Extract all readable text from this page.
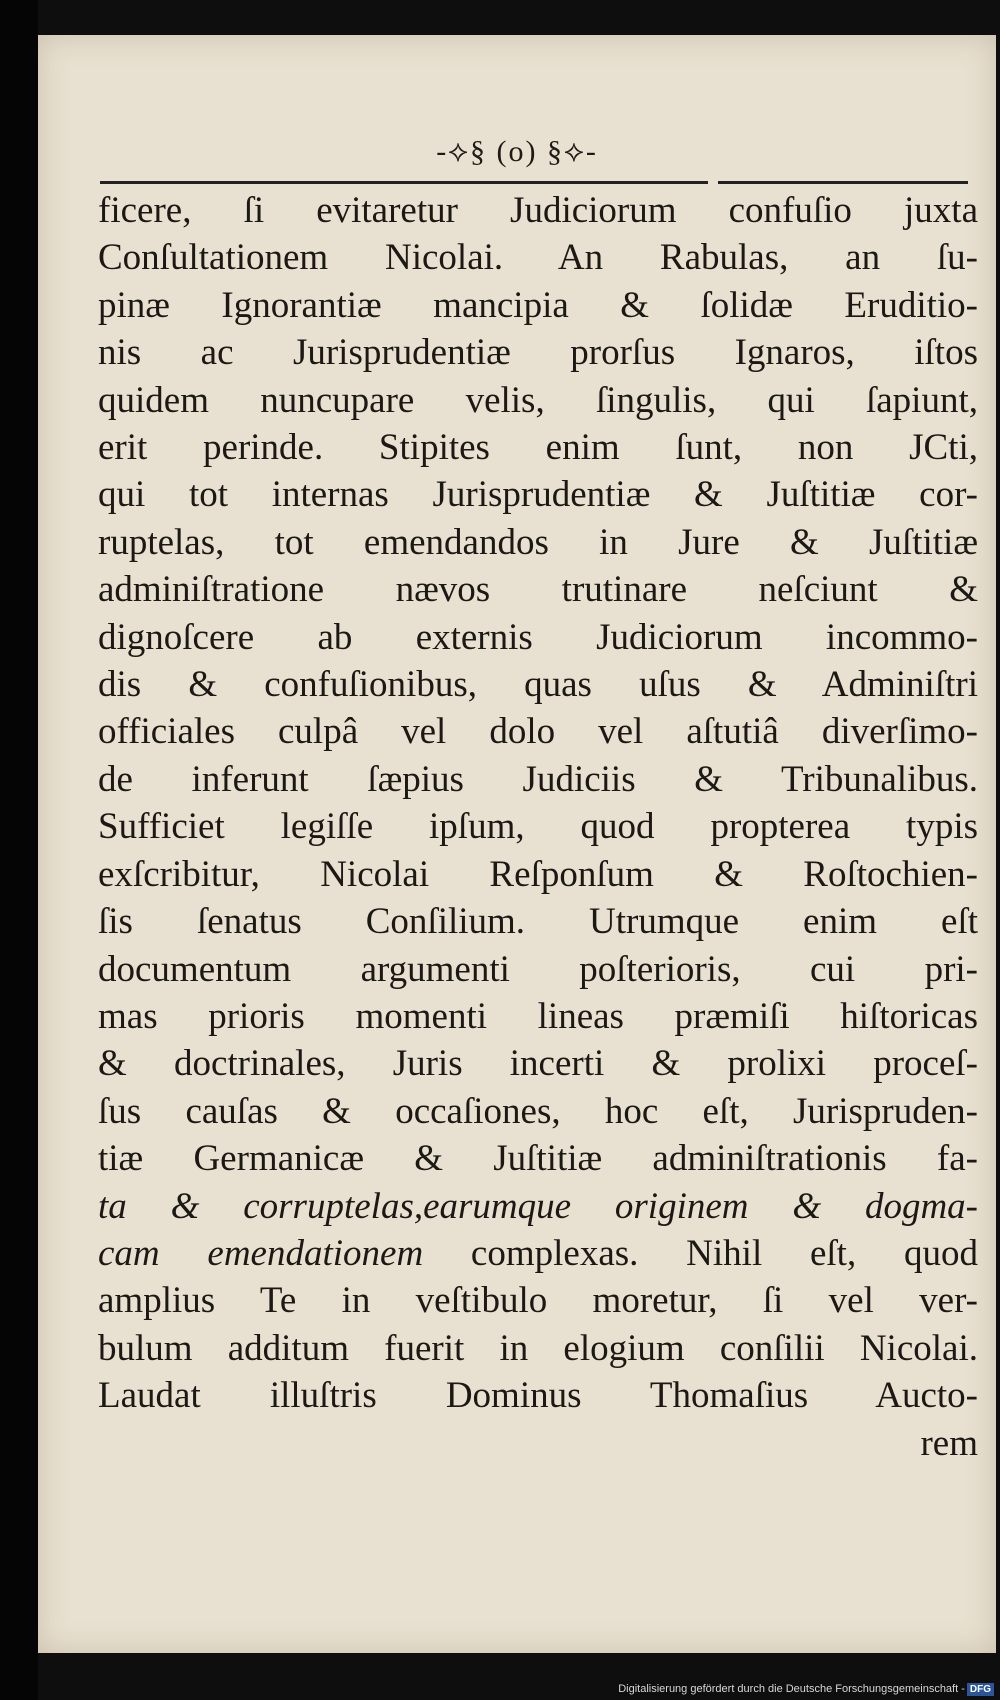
-⟡§ (o) §⟡-
ficere, ſi evitaretur Judiciorum confuſio juxta
Conſultationem Nicolai. An Rabulas, an ſu-
pinæ Ignorantiæ mancipia & ſolidæ Eruditio-
nis ac Jurisprudentiæ prorſus Ignaros, iſtos
quidem nuncupare velis, ſingulis, qui ſapiunt,
erit perinde. Stipites enim ſunt, non JCti,
qui tot internas Jurisprudentiæ & Juſtitiæ cor-
ruptelas, tot emendandos in Jure & Juſtitiæ
adminiſtratione nævos trutinare neſciunt &
dignoſcere ab externis Judiciorum incommo-
dis & confuſionibus, quas uſus & Adminiſtri
officiales culpâ vel dolo vel aſtutiâ diverſimo-
de inferunt ſæpius Judiciis & Tribunalibus.
Sufficiet legiſſe ipſum, quod propterea typis
exſcribitur, Nicolai Reſponſum & Roſtochien-
ſis ſenatus Conſilium. Utrumque enim eſt
documentum argumenti poſterioris, cui pri-
mas prioris momenti lineas præmiſi hiſtoricas
& doctrinales, Juris incerti & prolixi proceſ-
ſus cauſas & occaſiones, hoc eſt, Jurispruden-
tiæ Germanicæ & Juſtitiæ adminiſtrationis fa-
ta & corruptelas,earumque originem & dogma-
cam emendationem complexas. Nihil eſt, quod
amplius Te in veſtibulo moretur, ſi vel ver-
bulum additum fuerit in elogium conſilii Nicolai.
Laudat illuſtris Dominus Thomaſius Auctо-
rem
Digitalisierung gefördert durch die Deutsche Forschungsgemeinschaft - DFG
